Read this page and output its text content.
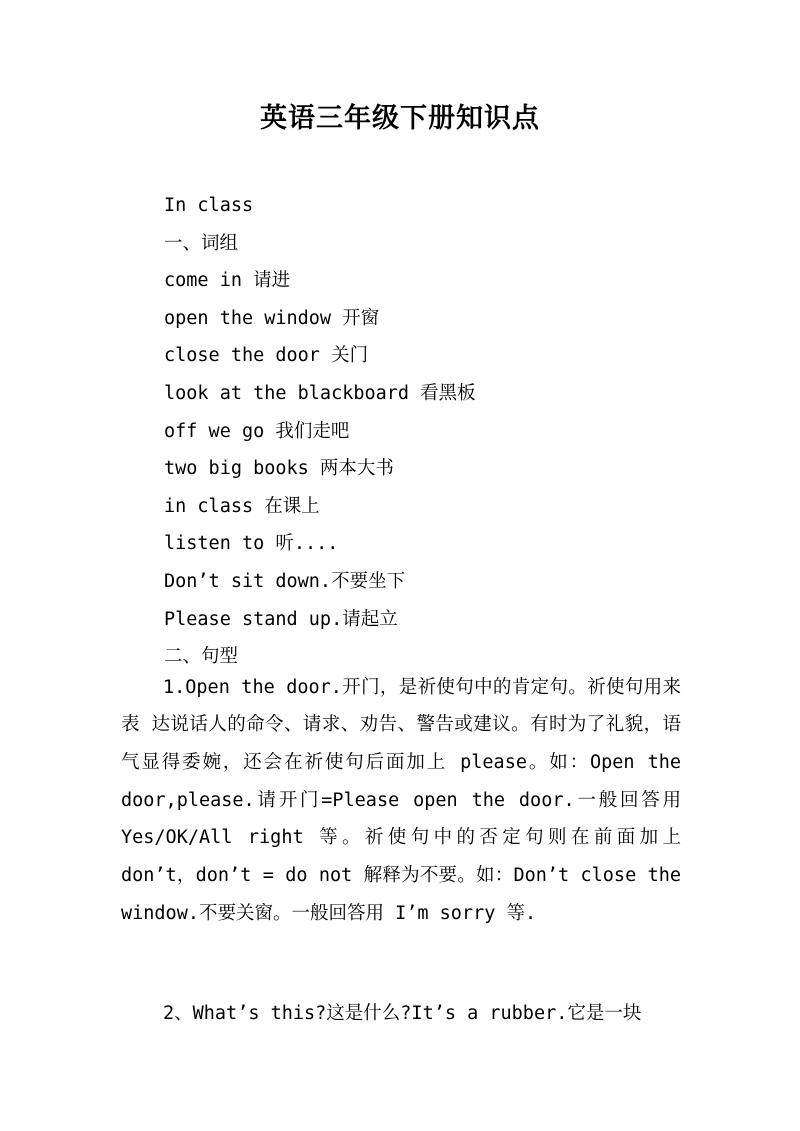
英语三年级下册知识点
In class
一、词组
come in 请进
open the window 开窗
close the door 关门
look at the blackboard 看黑板
off we go 我们走吧
two big books 两本大书
in class 在课上
listen to 听....
Don’t sit down.不要坐下
Please stand up.请起立
二、句型

1.Open the door.开门，是祈使句中的肯定句。祈使句用来表 达说话人的命令、请求、劝告、警告或建议。有时为了礼貌，语气显得委婉，还会在祈使句后面加上 please。如：Open the door,please.请开门=Please open the door.一般回答用 Yes/OK/All right 等。祈使句中的否定句则在前面加上 don’t，don’t = do not 解释为不要。如：Don’t close the window.不要关窗。一般回答用 I’m sorry 等.

2、What’s this?这是什么?It’s a rubber.它是一块
